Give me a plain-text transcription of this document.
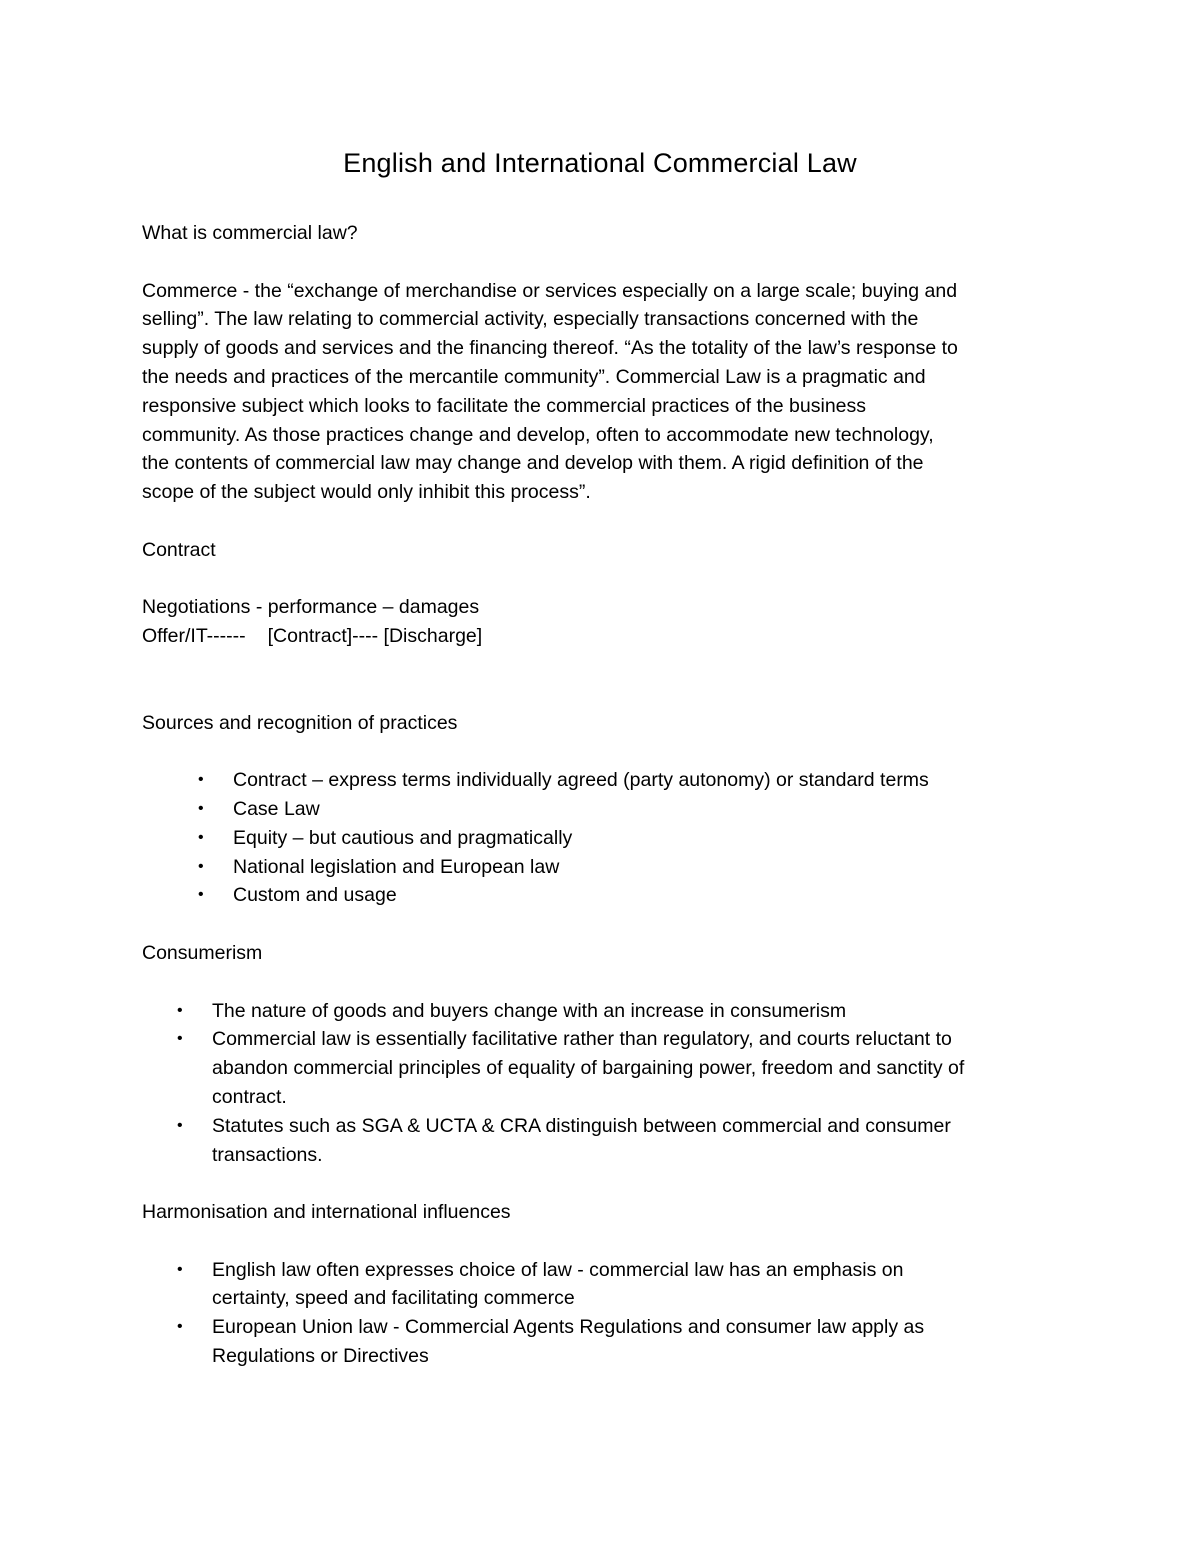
English and International Commercial Law
What is commercial law?
Commerce - the “exchange of merchandise or services especially on a large scale; buying and
selling”. The law relating to commercial activity, especially transactions concerned with the
supply of goods and services and the financing thereof. “As the totality of the law’s response to
the needs and practices of the mercantile community”. Commercial Law is a pragmatic and
responsive subject which looks to facilitate the commercial practices of the business
community. As those practices change and develop, often to accommodate new technology,
the contents of commercial law may change and develop with them. A rigid definition of the
scope of the subject would only inhibit this process”.
Contract
Negotiations - performance – damages
Offer/IT------ [Contract]---- [Discharge]
Sources and recognition of practices
• Contract – express terms individually agreed (party autonomy) or standard terms
• Case Law
• Equity – but cautious and pragmatically
• National legislation and European law
• Custom and usage
Consumerism
• The nature of goods and buyers change with an increase in consumerism
• Commercial law is essentially facilitative rather than regulatory, and courts reluctant to
abandon commercial principles of equality of bargaining power, freedom and sanctity of
contract.
• Statutes such as SGA & UCTA & CRA distinguish between commercial and consumer
transactions.
Harmonisation and international influences
• English law often expresses choice of law - commercial law has an emphasis on
certainty, speed and facilitating commerce
• European Union law - Commercial Agents Regulations and consumer law apply as
Regulations or Directives
